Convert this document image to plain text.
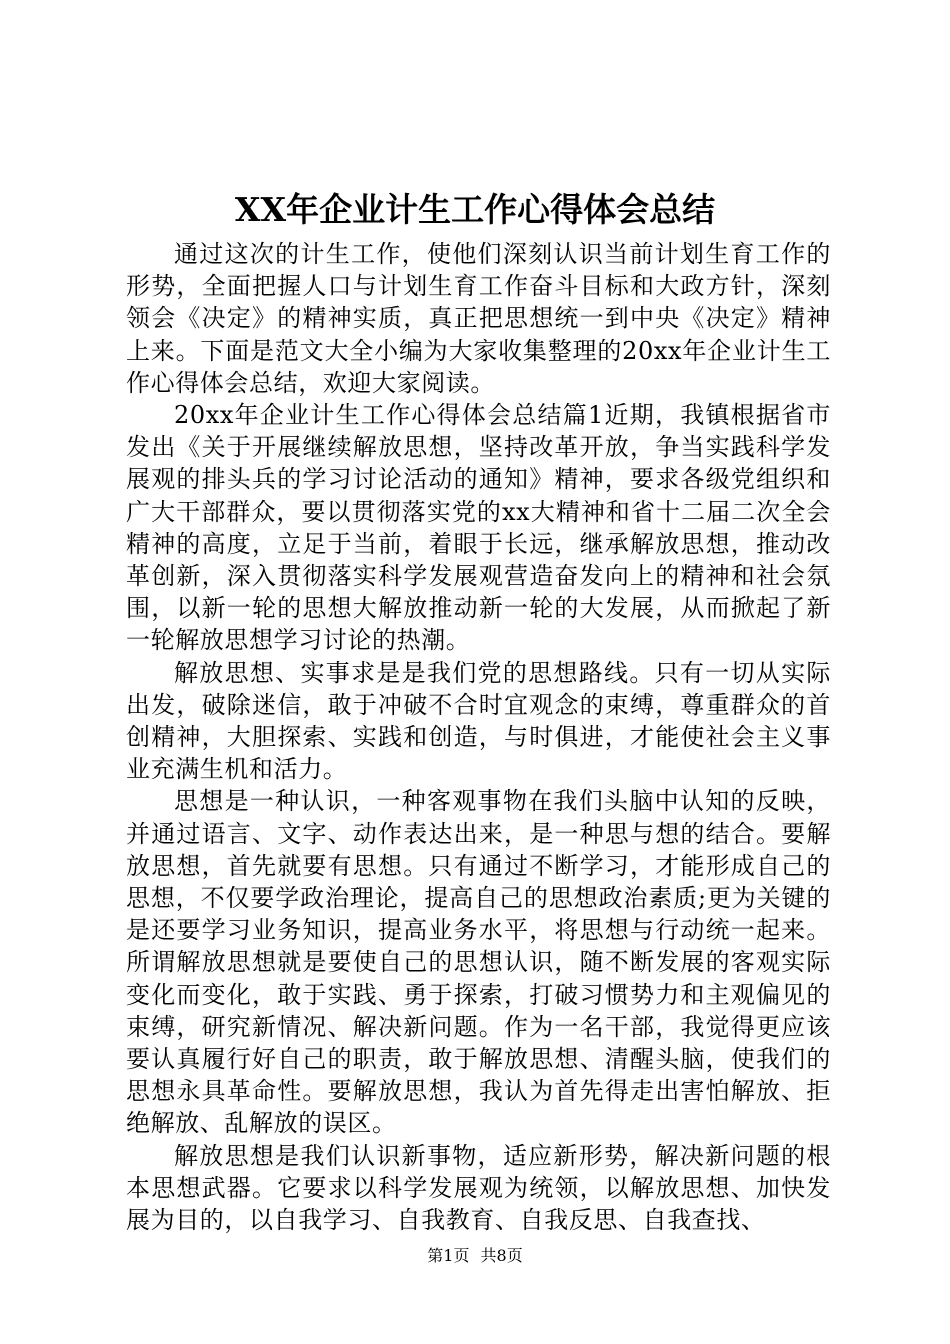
XX年企业计生工作心得体会总结

通过这次的计生工作，使他们深刻认识当前计划生育工作的形势，全面把握人口与计划生育工作奋斗目标和大政方针，深刻领会《决定》的精神实质，真正把思想统一到中央《决定》精神上来。下面是范文大全小编为大家收集整理的20xx年企业计生工作心得体会总结，欢迎大家阅读。

20xx年企业计生工作心得体会总结篇1近期，我镇根据省市发出《关于开展继续解放思想，坚持改革开放，争当实践科学发展观的排头兵的学习讨论活动的通知》精神，要求各级党组织和广大干部群众，要以贯彻落实党的xx大精神和省十二届二次全会精神的高度，立足于当前，着眼于长远，继承解放思想，推动改革创新，深入贯彻落实科学发展观营造奋发向上的精神和社会氛围，以新一轮的思想大解放推动新一轮的大发展，从而掀起了新一轮解放思想学习讨论的热潮。

解放思想、实事求是是我们党的思想路线。只有一切从实际出发，破除迷信，敢于冲破不合时宜观念的束缚，尊重群众的首创精神，大胆探索、实践和创造，与时俱进，才能使社会主义事业充满生机和活力。

思想是一种认识，一种客观事物在我们头脑中认知的反映，并通过语言、文字、动作表达出来，是一种思与想的结合。要解放思想，首先就要有思想。只有通过不断学习，才能形成自己的思想，不仅要学政治理论，提高自己的思想政治素质;更为关键的是还要学习业务知识，提高业务水平，将思想与行动统一起来。所谓解放思想就是要使自己的思想认识，随不断发展的客观实际变化而变化，敢于实践、勇于探索，打破习惯势力和主观偏见的束缚，研究新情况、解决新问题。作为一名干部，我觉得更应该要认真履行好自己的职责，敢于解放思想、清醒头脑，使我们的思想永具革命性。要解放思想，我认为首先得走出害怕解放、拒绝解放、乱解放的误区。

解放思想是我们认识新事物，适应新形势，解决新问题的根本思想武器。它要求以科学发展观为统领，以解放思想、加快发展为目的，以自我学习、自我教育、自我反思、自我查找、

第1页 共8页
